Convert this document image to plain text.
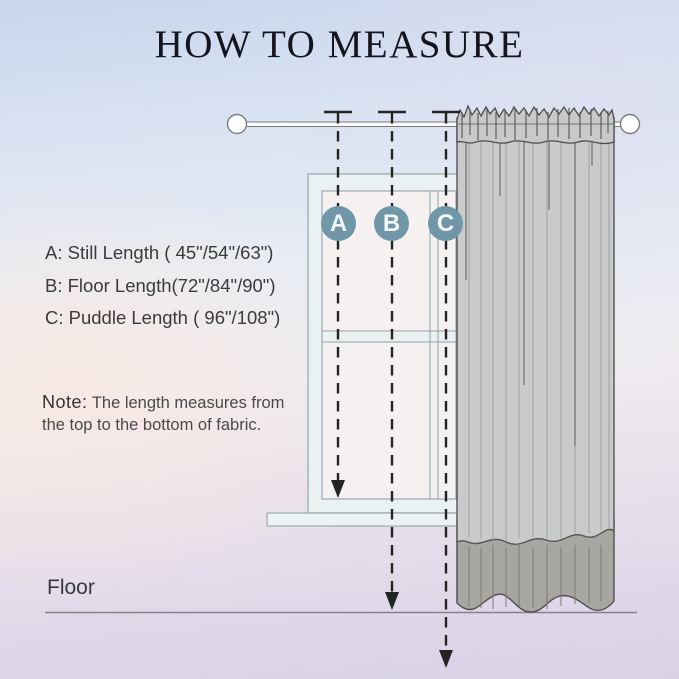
HOW TO MEASURE
A	B	C
A: Still Length ( 45"/54"/63")
B: Floor Length(72"/84"/90")
C: Puddle Length ( 96"/108")

Note: The length measures from the top to the bottom of fabric.

Floor
